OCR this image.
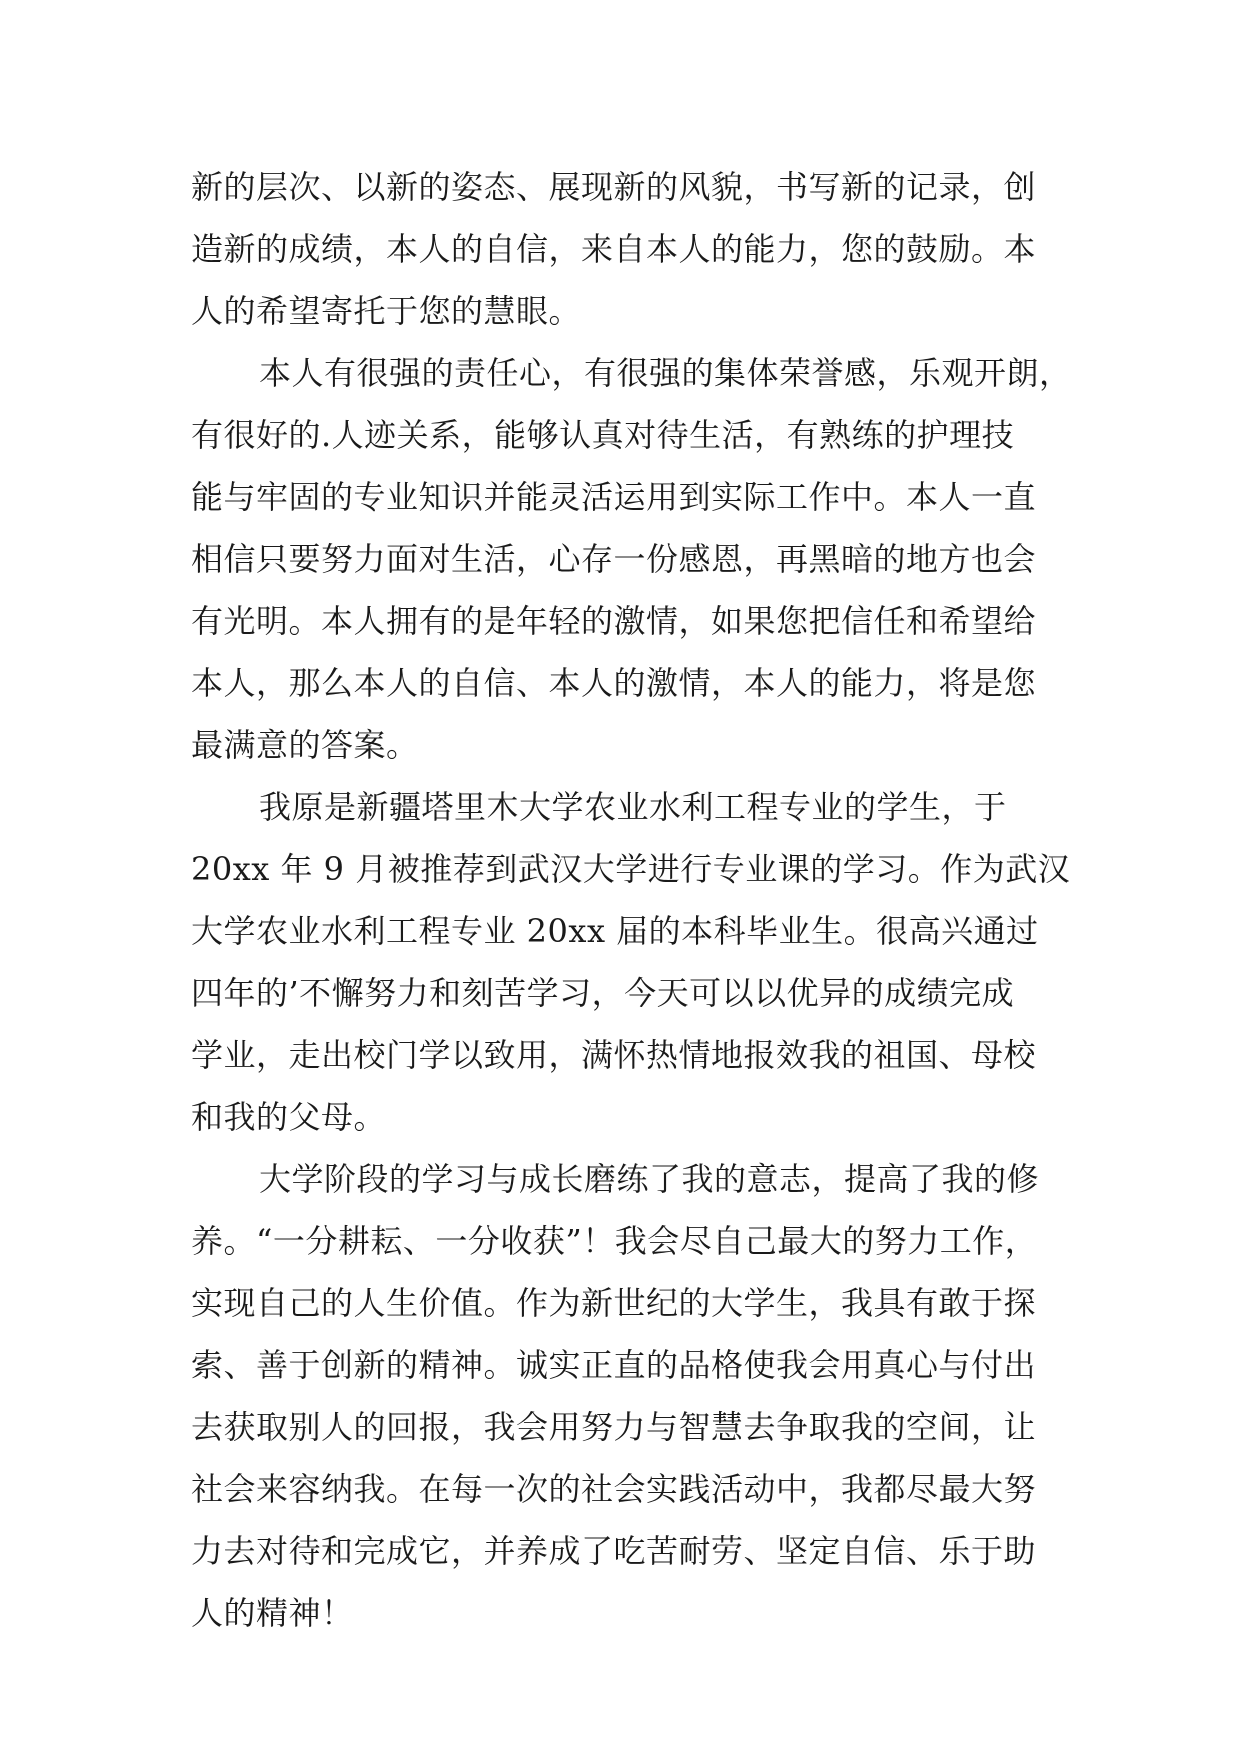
新的层次、以新的姿态、展现新的风貌，书写新的记录，创
造新的成绩，本人的自信，来自本人的能力，您的鼓励。本
人的希望寄托于您的慧眼。
本人有很强的责任心，有很强的集体荣誉感，乐观开朗，
有很好的.人迹关系，能够认真对待生活，有熟练的护理技
能与牢固的专业知识并能灵活运用到实际工作中。本人一直
相信只要努力面对生活，心存一份感恩，再黑暗的地方也会
有光明。本人拥有的是年轻的激情，如果您把信任和希望给
本人，那么本人的自信、本人的激情，本人的能力，将是您
最满意的答案。
我原是新疆塔里木大学农业水利工程专业的学生，于
20xx 年 9 月被推荐到武汉大学进行专业课的学习。作为武汉
大学农业水利工程专业 20xx 届的本科毕业生。很高兴通过
四年的’不懈努力和刻苦学习，今天可以以优异的成绩完成
学业，走出校门学以致用，满怀热情地报效我的祖国、母校
和我的父母。
大学阶段的学习与成长磨练了我的意志，提高了我的修
养。“一分耕耘、一分收获”！我会尽自己最大的努力工作，
实现自己的人生价值。作为新世纪的大学生，我具有敢于探
索、善于创新的精神。诚实正直的品格使我会用真心与付出
去获取别人的回报，我会用努力与智慧去争取我的空间，让
社会来容纳我。在每一次的社会实践活动中，我都尽最大努
力去对待和完成它，并养成了吃苦耐劳、坚定自信、乐于助
人的精神！
